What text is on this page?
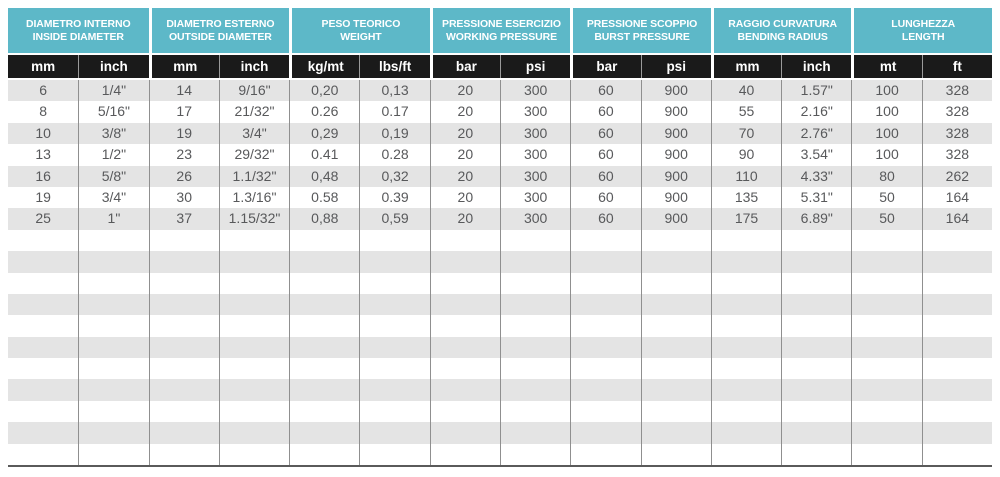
DIAMETRO INTERNO
INSIDE DIAMETER
DIAMETRO ESTERNO
OUTSIDE DIAMETER
PESO TEORICO
WEIGHT
PRESSIONE ESERCIZIO
WORKING PRESSURE
PRESSIONE SCOPPIO
BURST PRESSURE
RAGGIO CURVATURA
BENDING RADIUS
LUNGHEZZA
LENGTH
mm	inch	mm	inch	kg/mt	lbs/ft	bar	psi	bar	psi	mm	inch	mt	ft
6	1/4"	14	9/16"	0,20	0,13	20	300	60	900	40	1.57"	100	328
8	5/16"	17	21/32"	0.26	0.17	20	300	60	900	55	2.16"	100	328
10	3/8"	19	3/4"	0,29	0,19	20	300	60	900	70	2.76"	100	328
13	1/2"	23	29/32"	0.41	0.28	20	300	60	900	90	3.54"	100	328
16	5/8"	26	1.1/32"	0,48	0,32	20	300	60	900	110	4.33"	80	262
19	3/4"	30	1.3/16"	0.58	0.39	20	300	60	900	135	5.31"	50	164
25	1"	37	1.15/32"	0,88	0,59	20	300	60	900	175	6.89"	50	164
